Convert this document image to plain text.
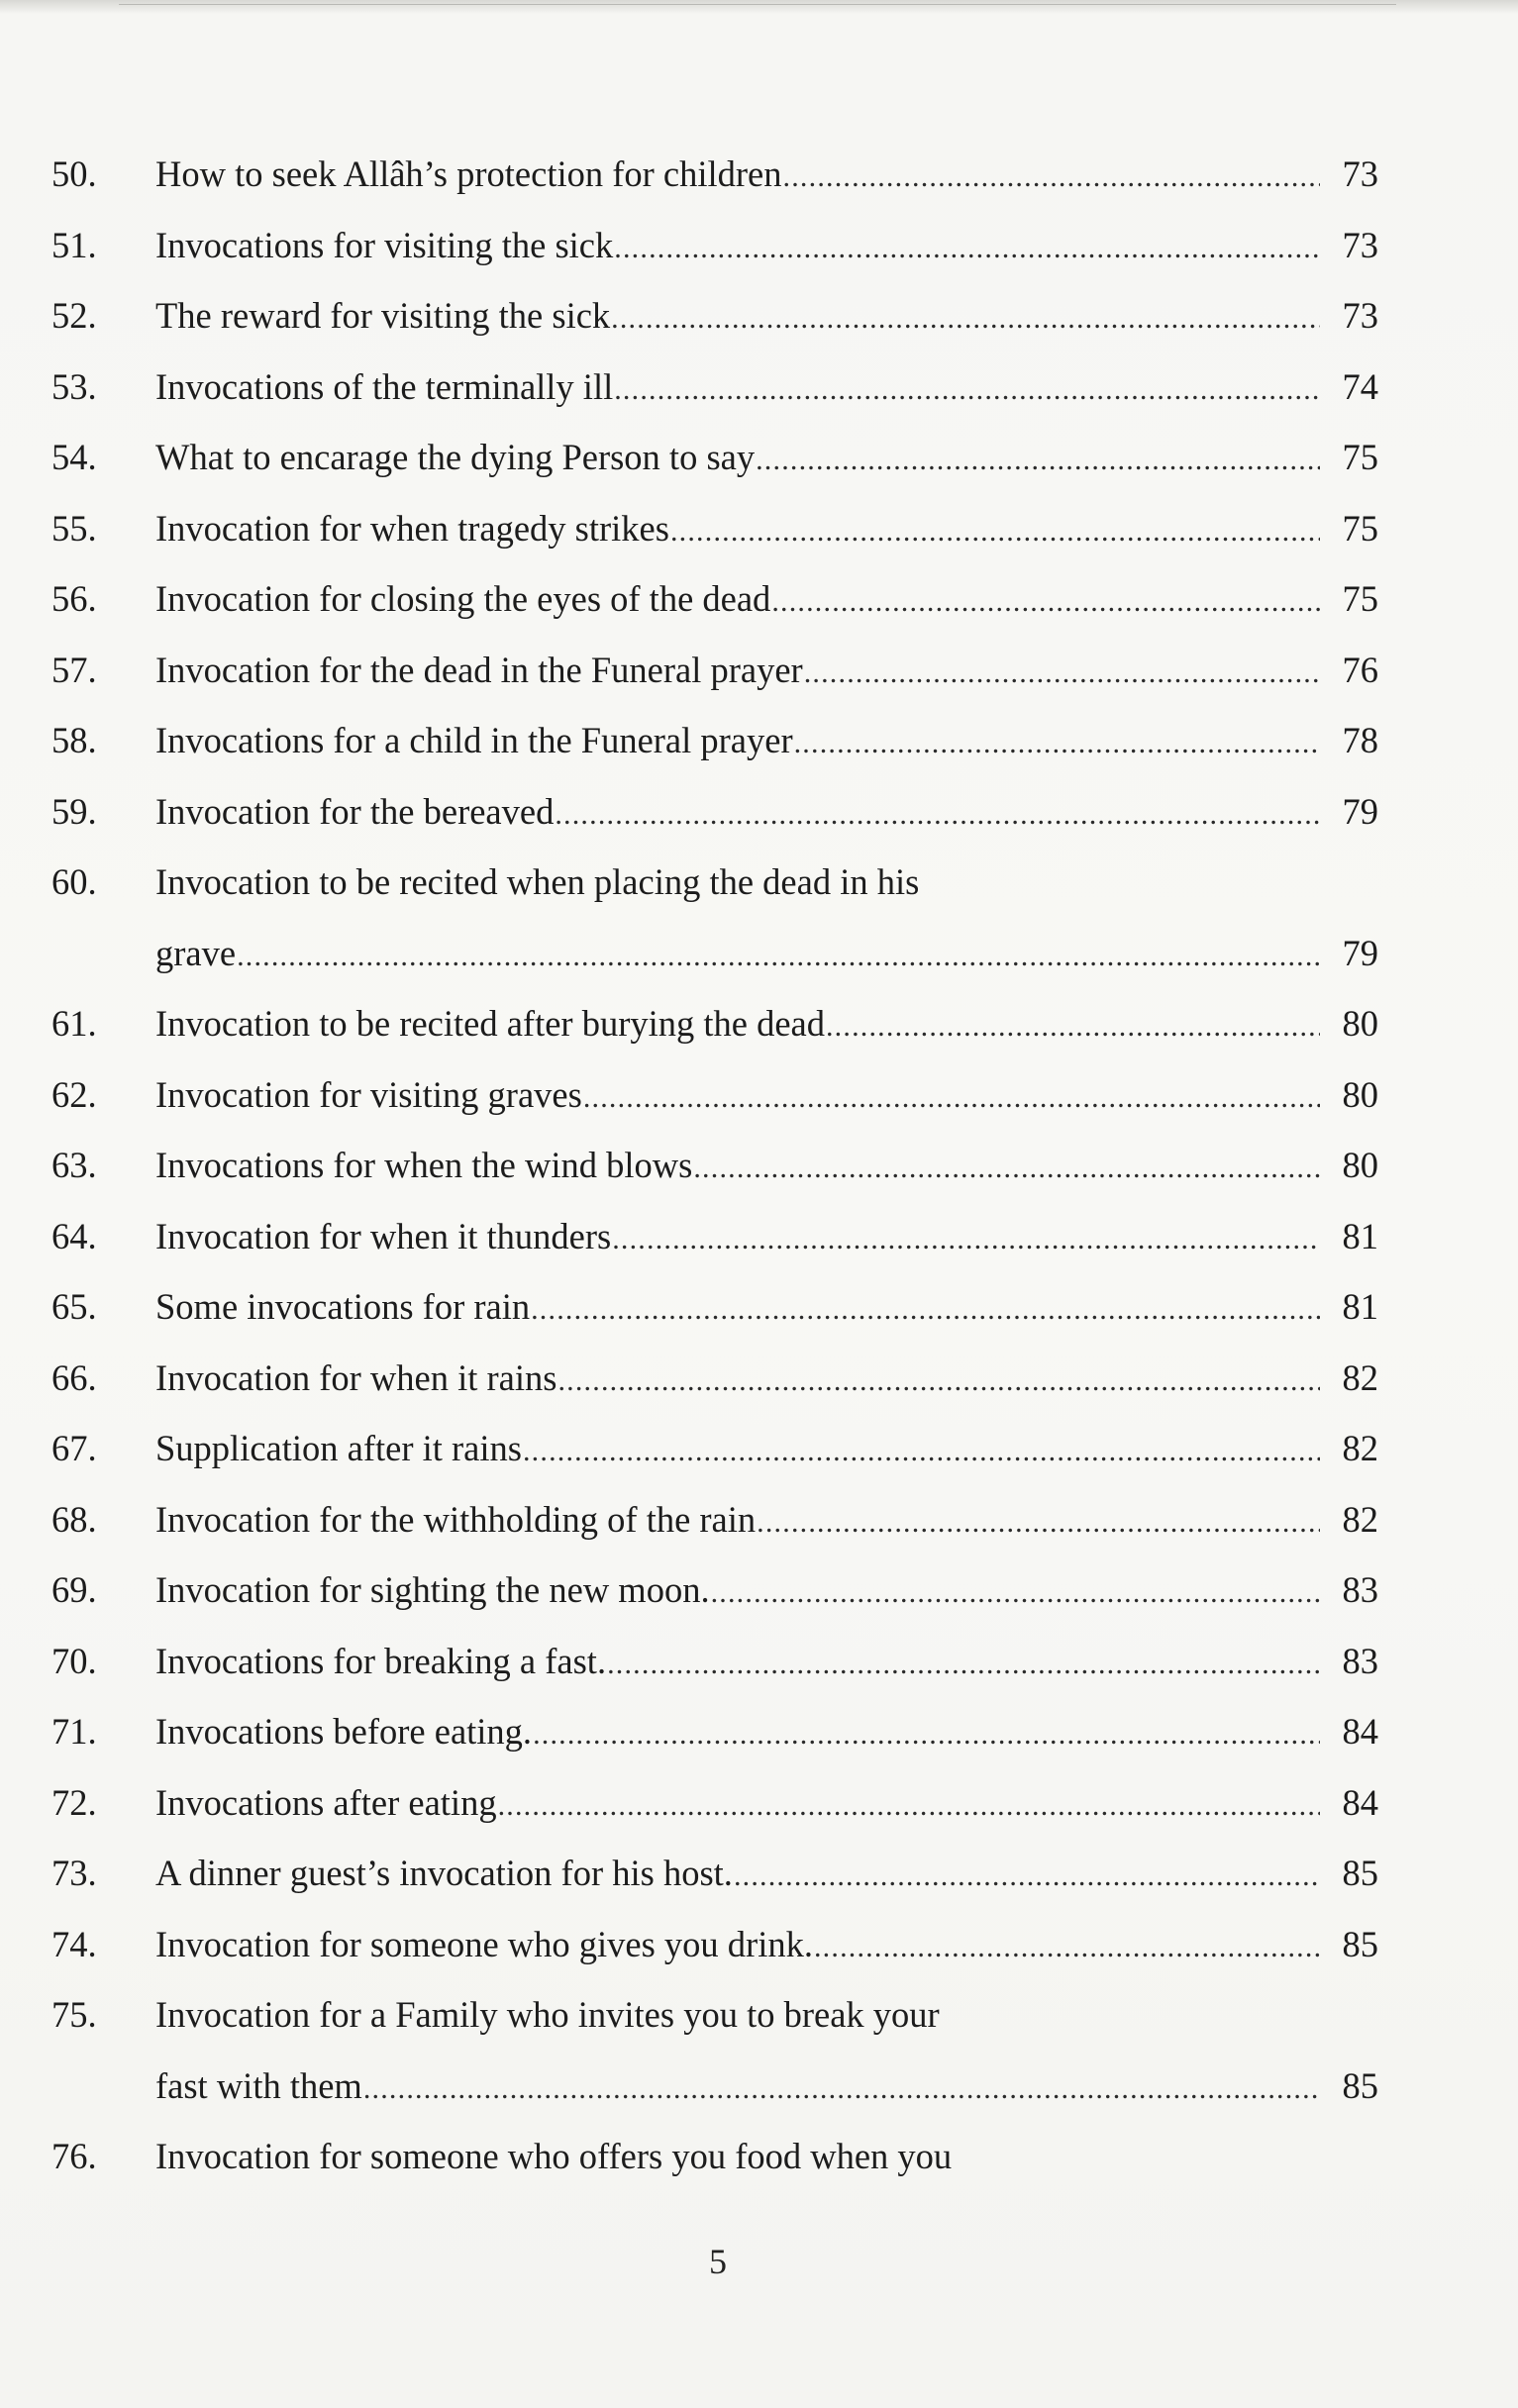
50.	How to seek Allâh’s protection for children .....	73
51.	Invocations for visiting the sick .....	73
52.	The reward for visiting the sick .....	73
53.	Invocations of the terminally ill .....	74
54.	What to encarage the dying Person to say .....	75
55.	Invocation for when tragedy strikes .....	75
56.	Invocation for closing the eyes of the dead .....	75
57.	Invocation for the dead in the Funeral prayer .....	76
58.	Invocations for a child in the Funeral prayer .....	78
59.	Invocation for the bereaved .....	79
60.	Invocation to be recited when placing the dead in his
grave .....	79
61.	Invocation to be recited after burying the dead .....	80
62.	Invocation for visiting graves .....	80
63.	Invocations for when the wind blows .....	80
64.	Invocation for when it thunders .....	81
65.	Some invocations for rain .....	81
66.	Invocation for when it rains .....	82
67.	Supplication after it rains .....	82
68.	Invocation for the withholding of the rain .....	82
69.	Invocation for sighting the new moon. .....	83
70.	Invocations for breaking a fast. .....	83
71.	Invocations before eating. .....	84
72.	Invocations after eating .....	84
73.	A dinner guest’s invocation for his host. .....	85
74.	Invocation for someone who gives you drink. .....	85
75.	Invocation for a Family who invites you to break your
fast with them .....	85
76.	Invocation for someone who offers you food when you
5
